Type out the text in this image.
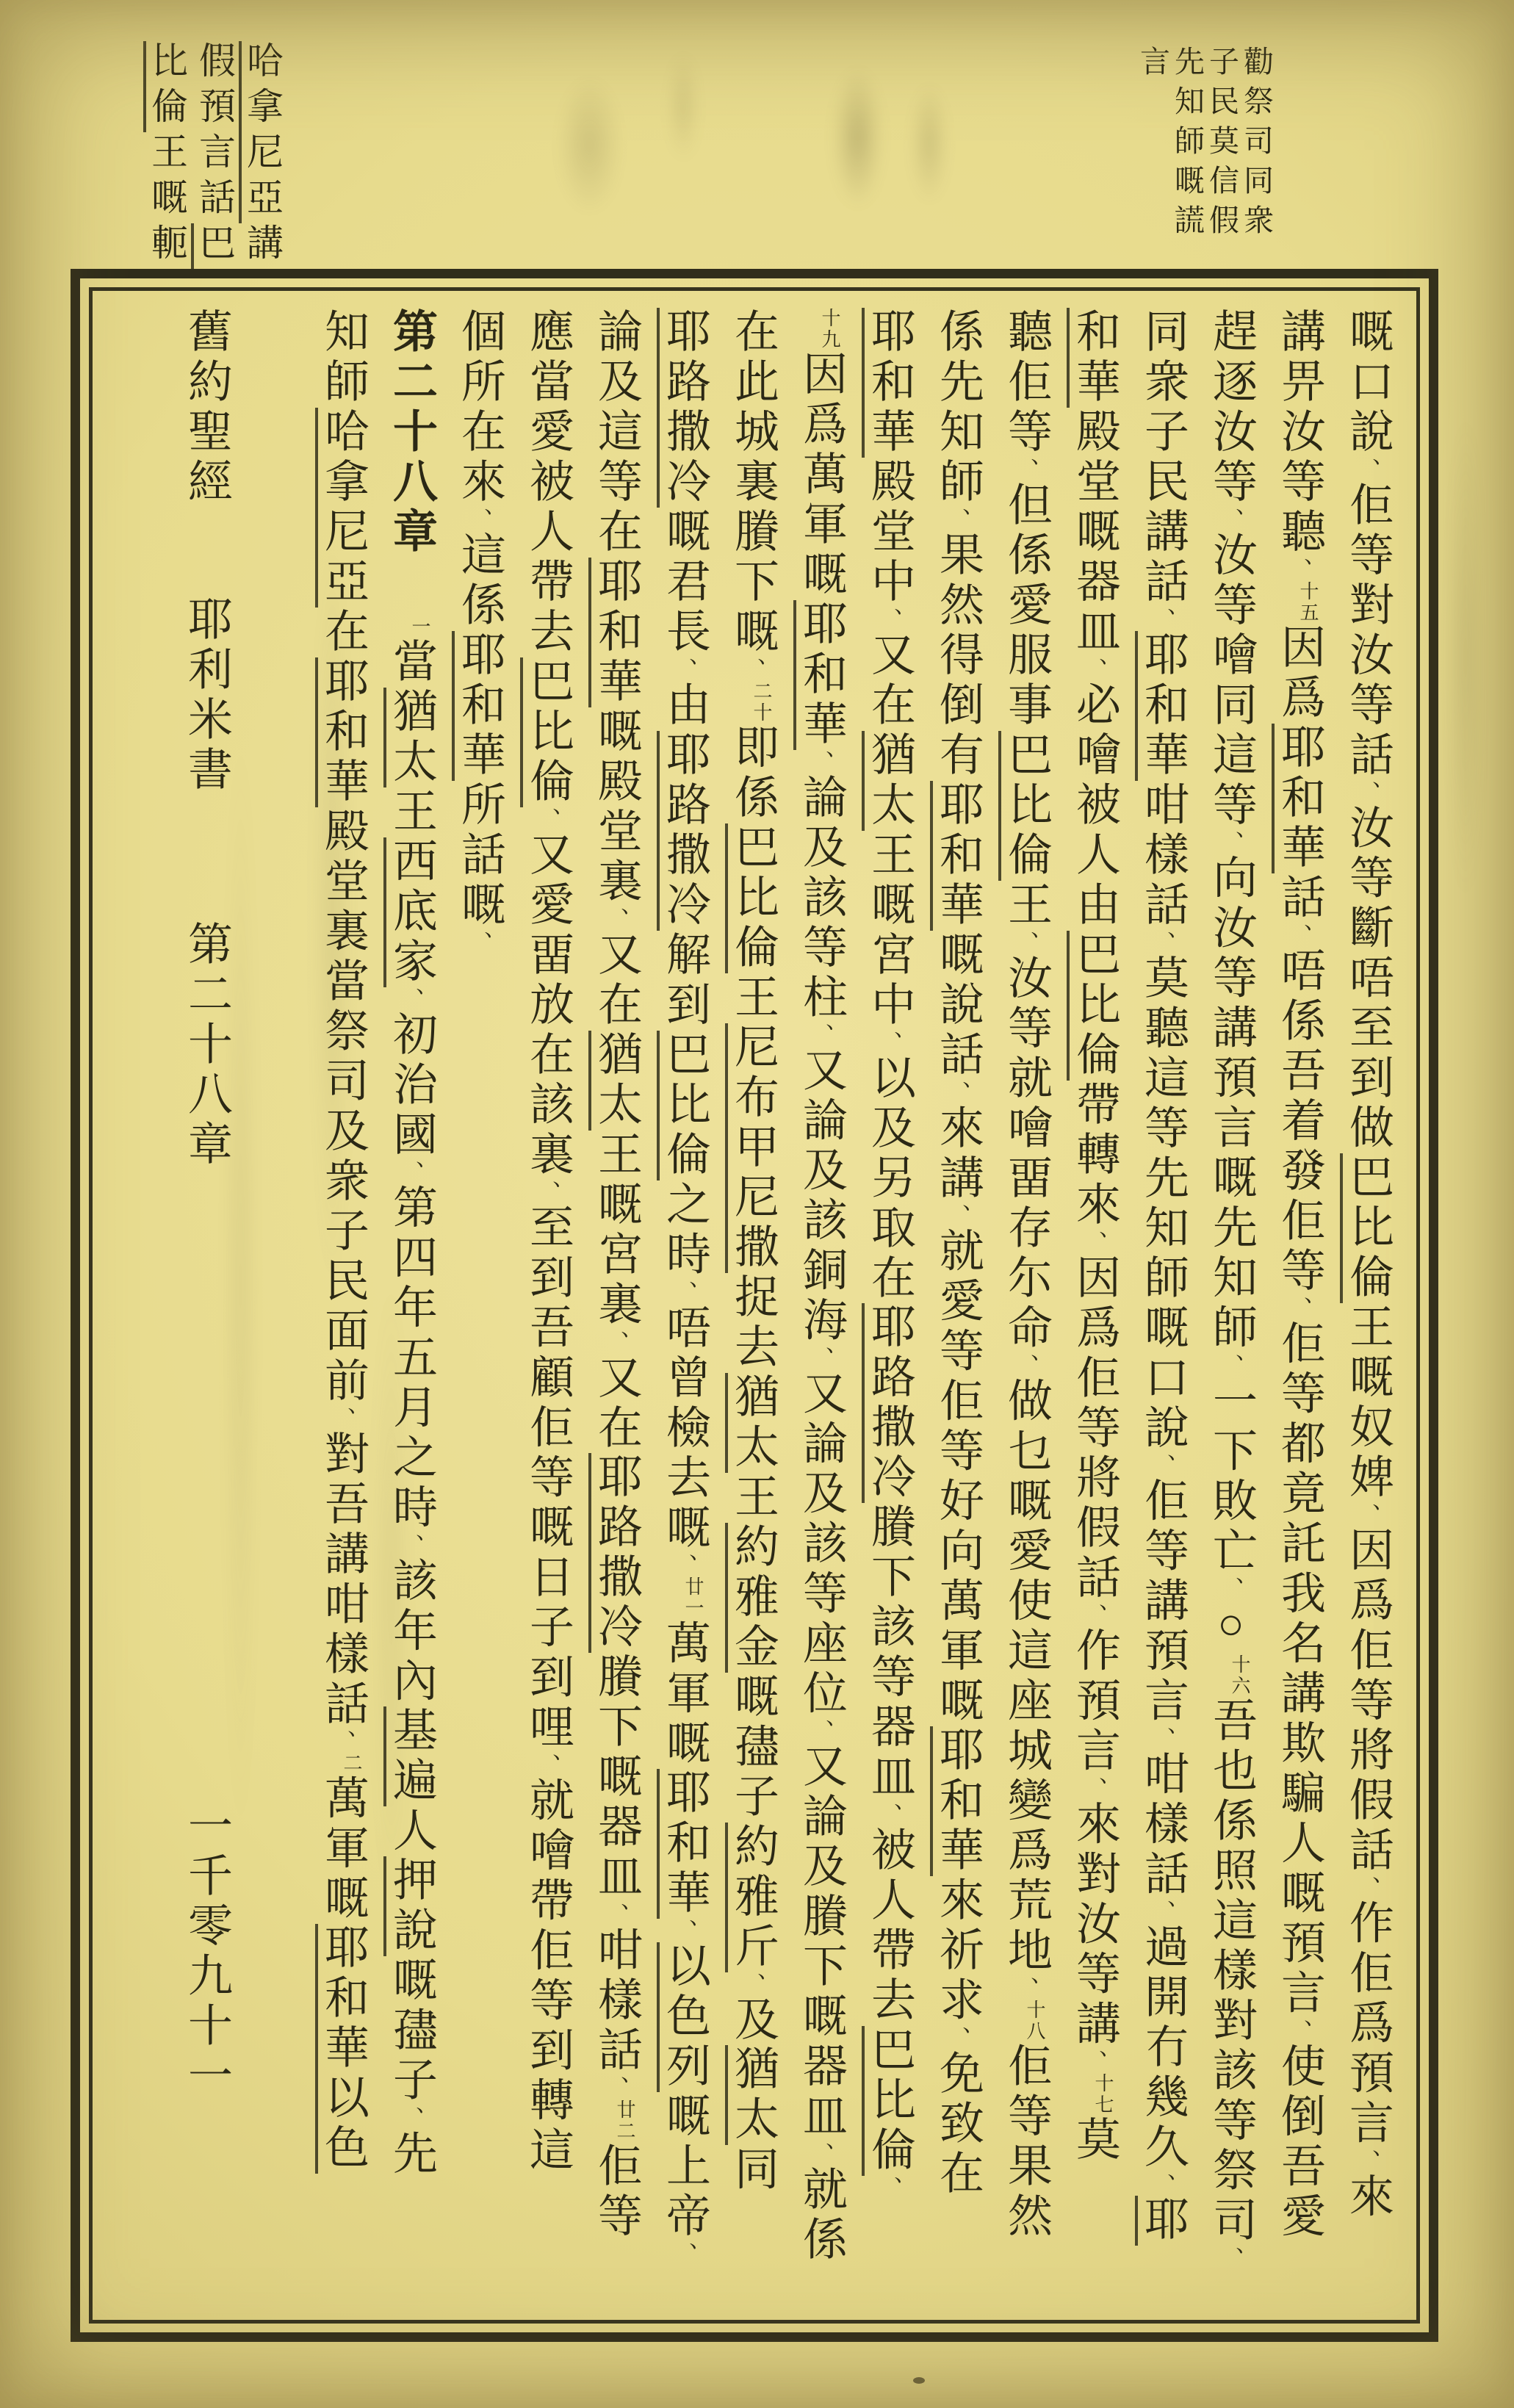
勸祭司同衆
子民莫信假
先知師嘅謊
言
哈拿尼亞講
假預言話巴
比倫王嘅軛
嘅口說、佢等對汝等話、汝等斷唔至到做巴比倫王嘅奴婢、因爲佢等將假話、作佢爲預言、來
講畀汝等聽、十五因爲耶和華話、唔係吾着發佢等、佢等都竟託我名講欺騙人嘅預言、使倒吾愛
趕逐汝等、汝等噲同這等、向汝等講預言嘅先知師、一下敗亡、○十六吾也係照這樣對該等祭司、
同衆子民講話、耶和華咁樣話、莫聽這等先知師嘅口說、佢等講預言、咁樣話、過開冇幾久、耶
和華殿堂嘅器皿、必噲被人由巴比倫帶轉來、因爲佢等將假話、作預言、來對汝等講、十七莫
聽佢等、但係愛服事巴比倫王、汝等就噲畱存尓命、做乜嘅愛使這座城變爲荒地、十八佢等果然
係先知師、果然得倒有耶和華嘅說話、來講、就愛等佢等好向萬軍嘅耶和華來祈求、免致在
耶和華殿堂中、又在猶太王嘅宮中、以及另取在耶路撒冷賸下該等器皿、被人帶去巴比倫、
十九因爲萬軍嘅耶和華、論及該等柱、又論及該銅海、又論及該等座位、又論及賸下嘅器皿、就係
在此城裏賸下嘅、二十即係巴比倫王尼布甲尼撒捉去猶太王約雅金嘅孻子約雅斤、及猶太同
耶路撒冷嘅君長、由耶路撒冷解到巴比倫之時、唔曾檢去嘅、廿一萬軍嘅耶和華、以色列嘅上帝、
論及這等在耶和華嘅殿堂裏、又在猶太王嘅宮裏、又在耶路撒冷賸下嘅器皿、咁樣話、廿二佢等
應當愛被人帶去巴比倫、又愛畱放在該裏、至到吾顧佢等嘅日子到哩、就噲帶佢等到轉這
個所在來、這係耶和華所話嘅、
第二十八章一當猶太王西底家、初治國、第四年五月之時、該年內基遍人押說嘅孻子、先
知師哈拿尼亞在耶和華殿堂裏當祭司及衆子民面前、對吾講咁樣話、二萬軍嘅耶和華以色
舊約聖經耶利米書第二十八章一千零九十一
